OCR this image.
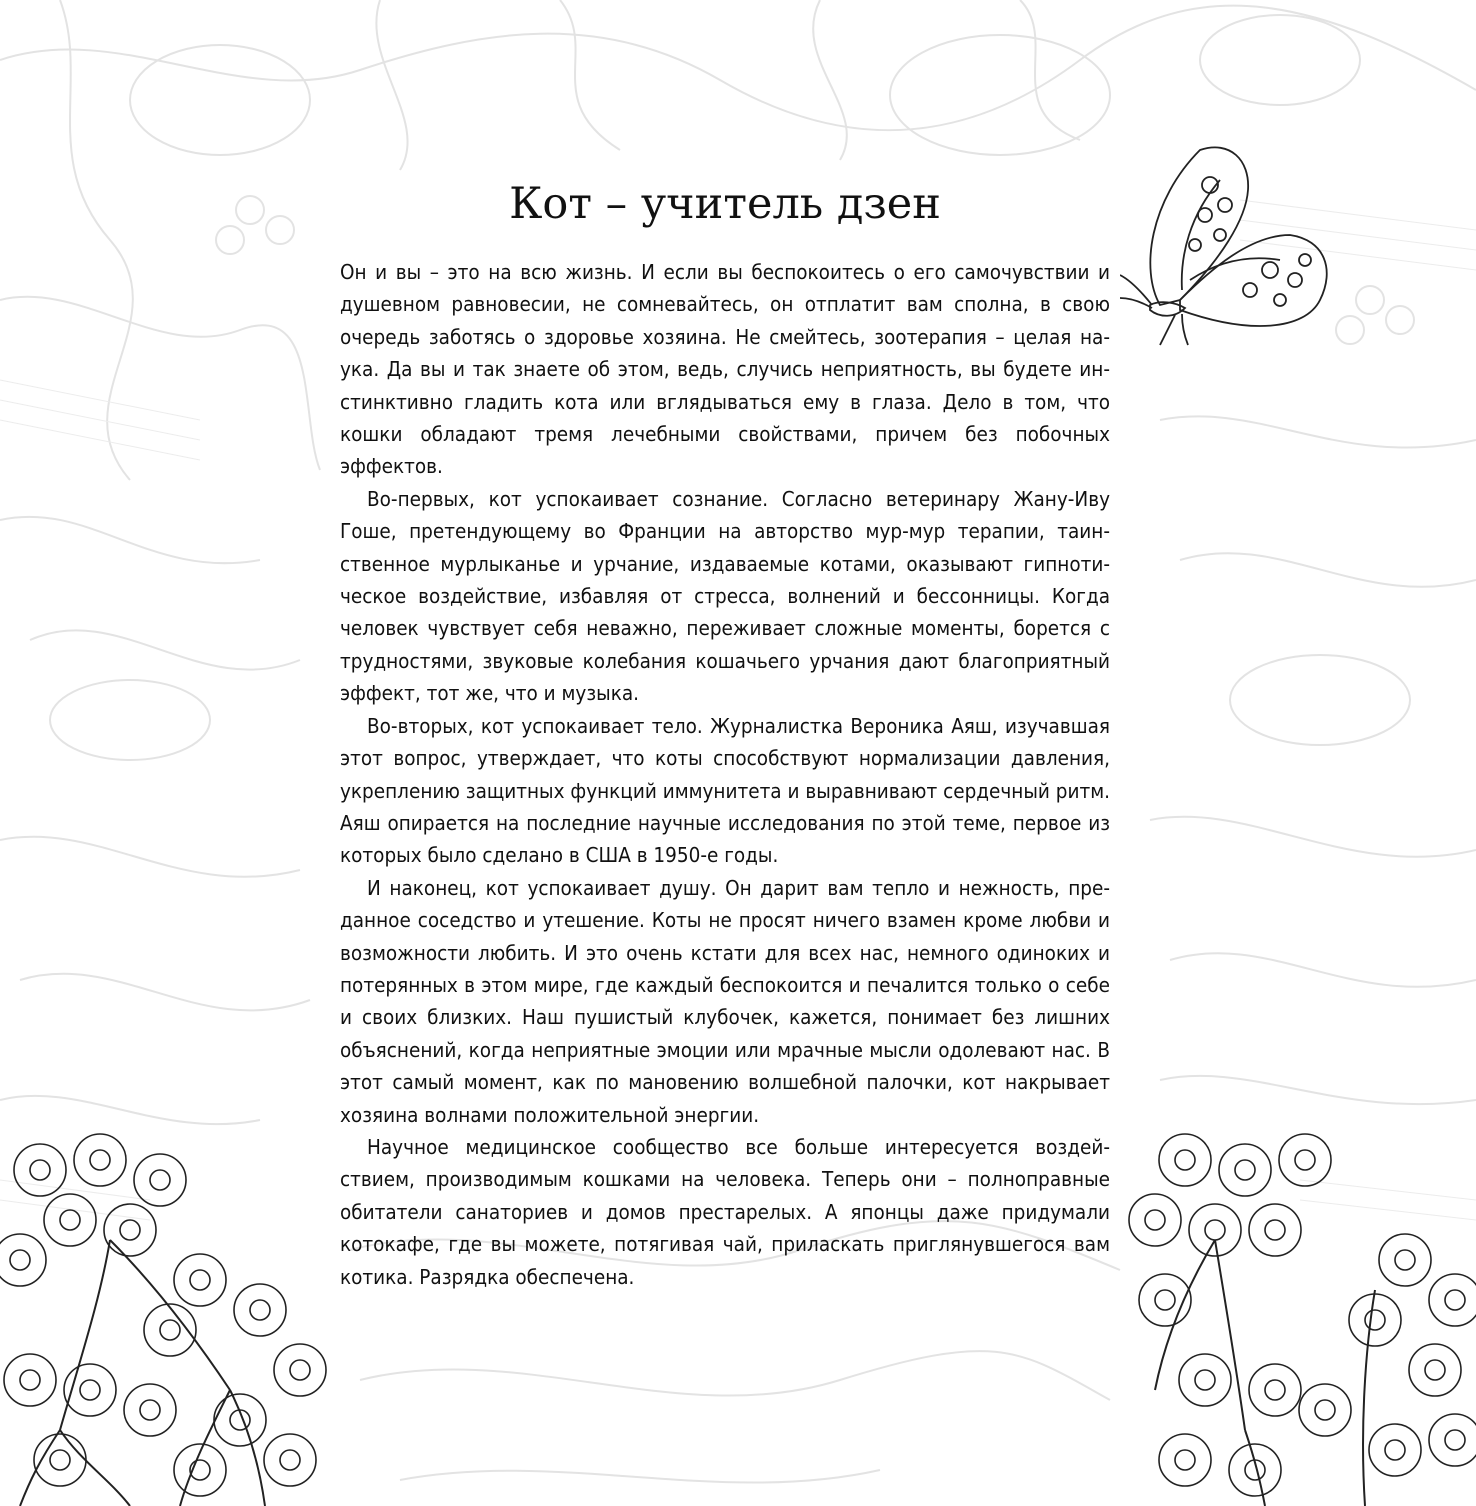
Кот – учитель дзен

Он и вы – это на всю жизнь. И если вы беспокоитесь о его самочувствии и душевном равновесии, не сомневайтесь, он отплатит вам сполна, в свою очередь заботясь о здоровье хозяина. Не смейтесь, зоотерапия – целая наука. Да вы и так знаете об этом, ведь, случись неприятность, вы будете инстинктивно гладить кота или вглядываться ему в глаза. Дело в том, что кошки обладают тремя лечебными свойствами, причем без побочных эффектов.

Во-первых, кот успокаивает сознание. Согласно ветеринару Жану-Иву Гоше, претендующему во Франции на авторство мур-мур терапии, таинственное мурлыканье и урчание, издаваемые котами, оказывают гипнотическое воздействие, избавляя от стресса, волнений и бессонницы. Когда человек чувствует себя неважно, переживает сложные моменты, борется с трудностями, звуковые колебания кошачьего урчания дают благоприятный эффект, тот же, что и музыка.

Во-вторых, кот успокаивает тело. Журналистка Вероника Аяш, изучавшая этот вопрос, утверждает, что коты способствуют нормализации давления, укреплению защитных функций иммунитета и выравнивают сердечный ритм. Аяш опирается на последние научные исследования по этой теме, первое из которых было сделано в США в 1950-е годы.

И наконец, кот успокаивает душу. Он дарит вам тепло и нежность, преданное соседство и утешение. Коты не просят ничего взамен кроме любви и возможности любить. И это очень кстати для всех нас, немного одиноких и потерянных в этом мире, где каждый беспокоится и печалится только о себе и своих близких. Наш пушистый клубочек, кажется, понимает без лишних объяснений, когда неприятные эмоции или мрачные мысли одолевают нас. В этот самый момент, как по мановению волшебной палочки, кот накрывает хозяина волнами положительной энергии.

Научное медицинское сообщество все больше интересуется воздействием, производимым кошками на человека. Теперь они – полноправные обитатели санаториев и домов престарелых. А японцы даже придумали котокафе, где вы можете, потягивая чай, приласкать приглянувшегося вам котика. Разрядка обеспечена.
